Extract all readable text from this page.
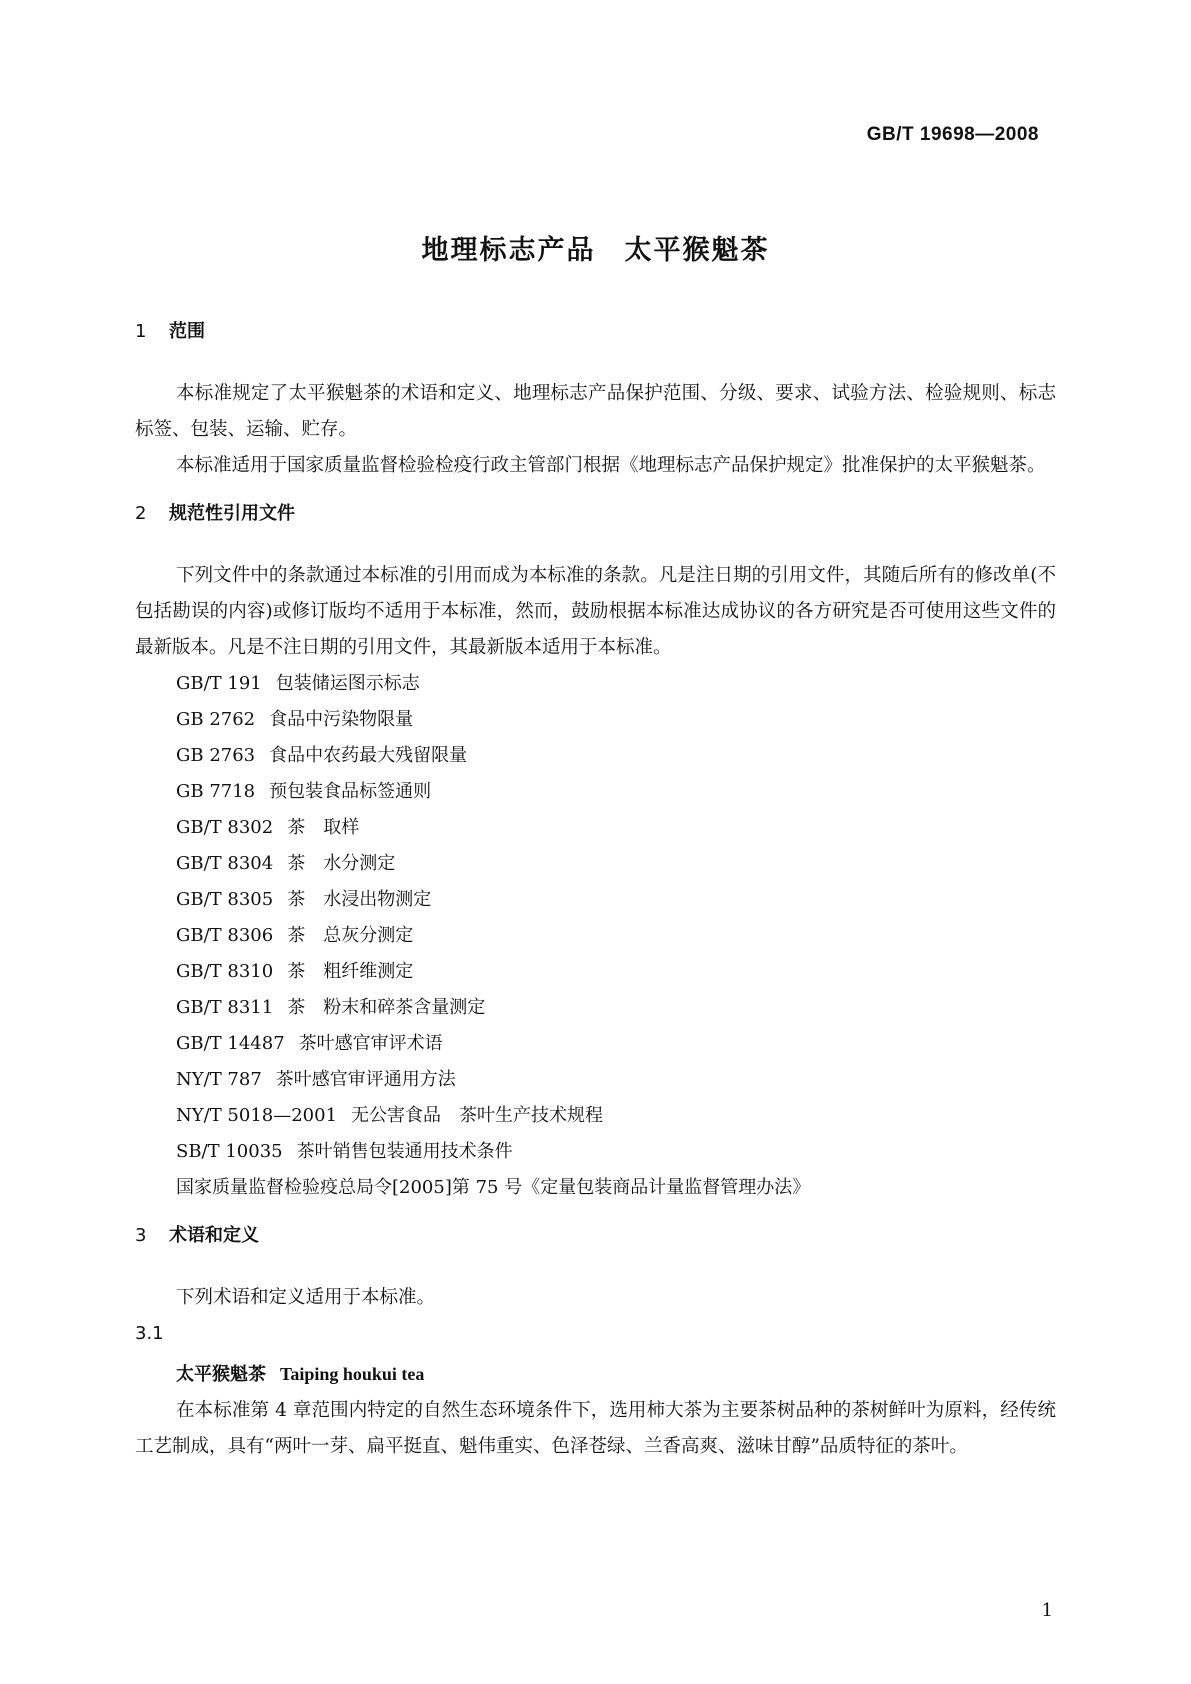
GB/T 19698—2008
地理标志产品　太平猴魁茶
1 范围

本标准规定了太平猴魁茶的术语和定义、地理标志产品保护范围、分级、要求、试验方法、检验规则、标志标签、包装、运输、贮存。

本标准适用于国家质量监督检验检疫行政主管部门根据《地理标志产品保护规定》批准保护的太平猴魁茶。

2 规范性引用文件

下列文件中的条款通过本标准的引用而成为本标准的条款。凡是注日期的引用文件，其随后所有的修改单(不包括勘误的内容)或修订版均不适用于本标准，然而，鼓励根据本标准达成协议的各方研究是否可使用这些文件的最新版本。凡是不注日期的引用文件，其最新版本适用于本标准。

GB/T 191 包装储运图示标志
GB 2762 食品中污染物限量
GB 2763 食品中农药最大残留限量
GB 7718 预包装食品标签通则
GB/T 8302 茶　取样
GB/T 8304 茶　水分测定
GB/T 8305 茶　水浸出物测定
GB/T 8306 茶　总灰分测定
GB/T 8310 茶　粗纤维测定
GB/T 8311 茶　粉末和碎茶含量测定
GB/T 14487 茶叶感官审评术语
NY/T 787 茶叶感官审评通用方法
NY/T 5018—2001 无公害食品　茶叶生产技术规程
SB/T 10035 茶叶销售包装通用技术条件
国家质量监督检验疫总局令[2005]第 75 号《定量包装商品计量监督管理办法》
3 术语和定义

下列术语和定义适用于本标准。

3.1

太平猴魁茶 Taiping houkui tea

在本标准第 4 章范围内特定的自然生态环境条件下，选用柿大茶为主要茶树品种的茶树鲜叶为原料，经传统工艺制成，具有“两叶一芽、扁平挺直、魁伟重实、色泽苍绿、兰香高爽、滋味甘醇”品质特征的茶叶。

1
